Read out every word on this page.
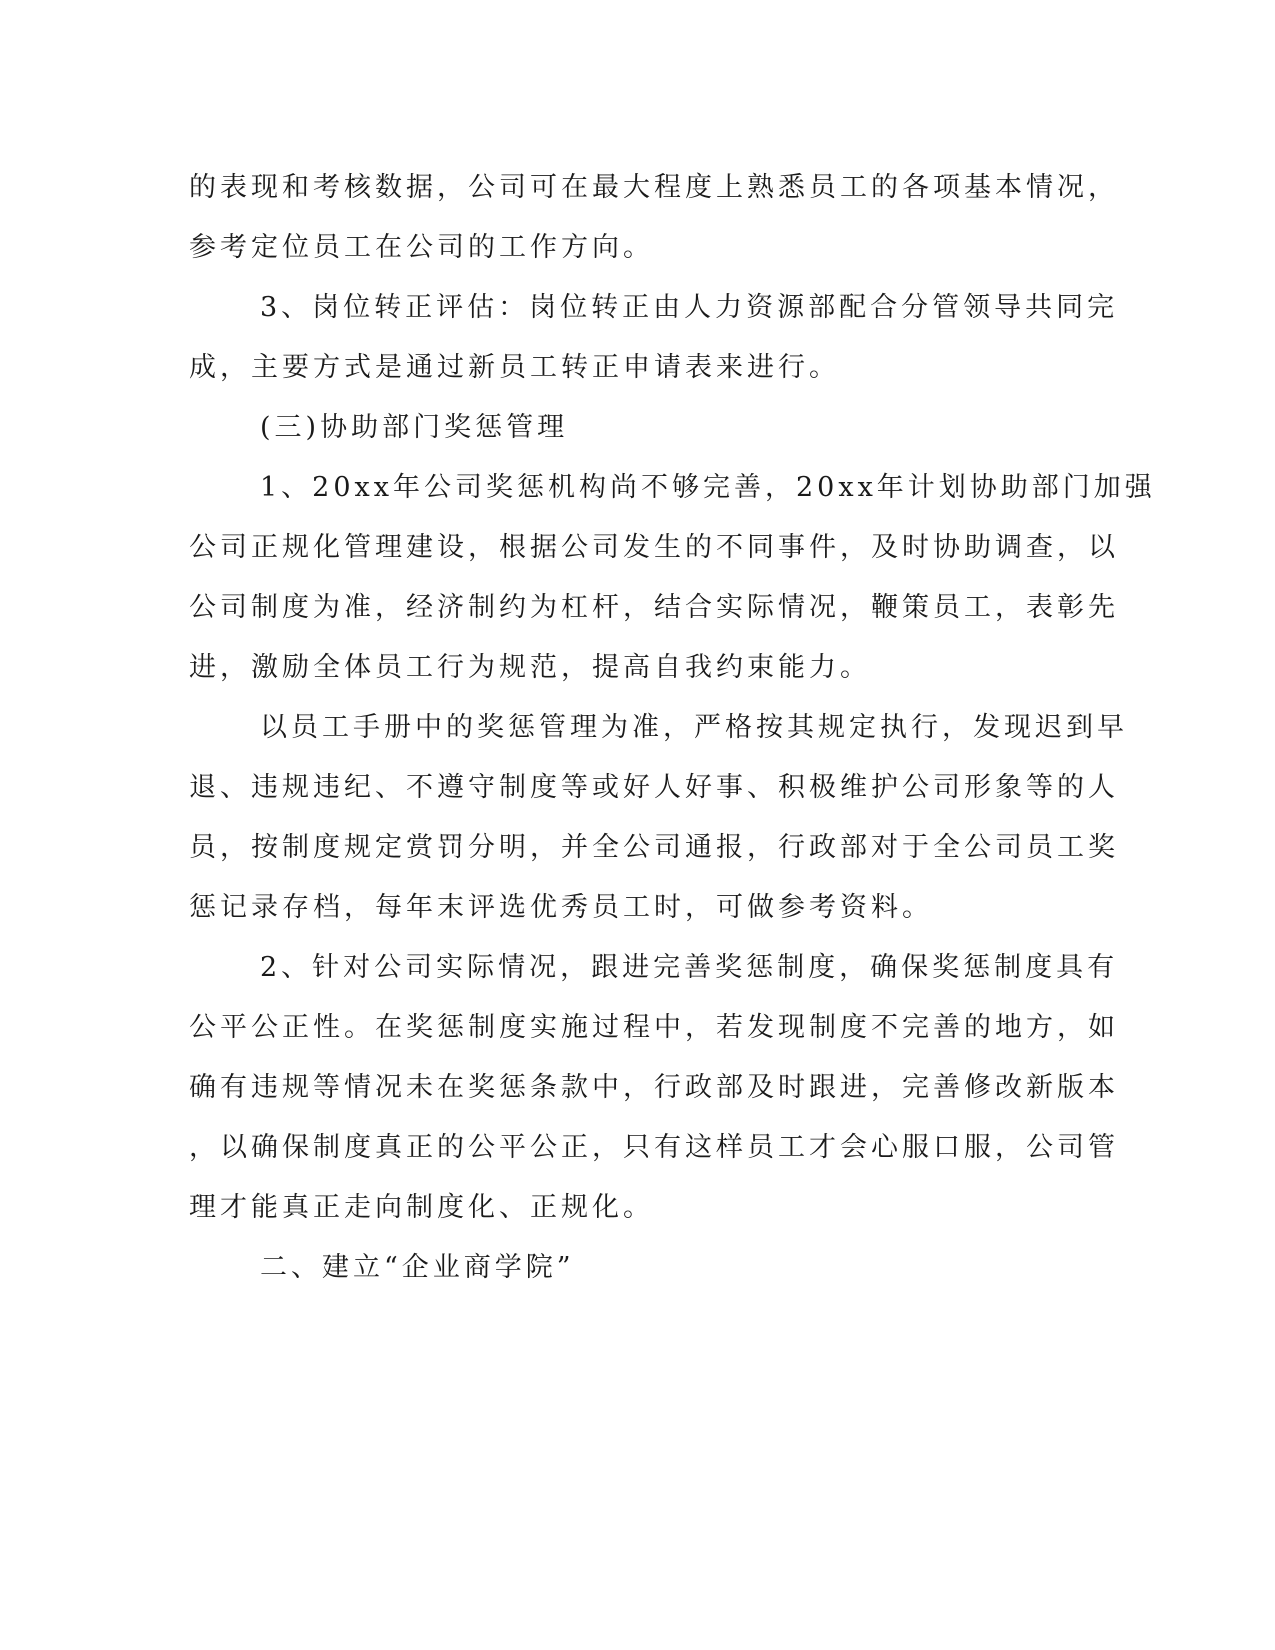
的表现和考核数据，公司可在最大程度上熟悉员工的各项基本情况，
参考定位员工在公司的工作方向。
3、岗位转正评估：岗位转正由人力资源部配合分管领导共同完
成，主要方式是通过新员工转正申请表来进行。
(三)协助部门奖惩管理
1、20xx年公司奖惩机构尚不够完善，20xx年计划协助部门加强
公司正规化管理建设，根据公司发生的不同事件，及时协助调查，以
公司制度为准，经济制约为杠杆，结合实际情况，鞭策员工，表彰先
进，激励全体员工行为规范，提高自我约束能力。
以员工手册中的奖惩管理为准，严格按其规定执行，发现迟到早
退、违规违纪、不遵守制度等或好人好事、积极维护公司形象等的人
员，按制度规定赏罚分明，并全公司通报，行政部对于全公司员工奖
惩记录存档，每年末评选优秀员工时，可做参考资料。
2、针对公司实际情况，跟进完善奖惩制度，确保奖惩制度具有
公平公正性。在奖惩制度实施过程中，若发现制度不完善的地方，如
确有违规等情况未在奖惩条款中，行政部及时跟进，完善修改新版本
，以确保制度真正的公平公正，只有这样员工才会心服口服，公司管
理才能真正走向制度化、正规化。
二、建立“企业商学院”
